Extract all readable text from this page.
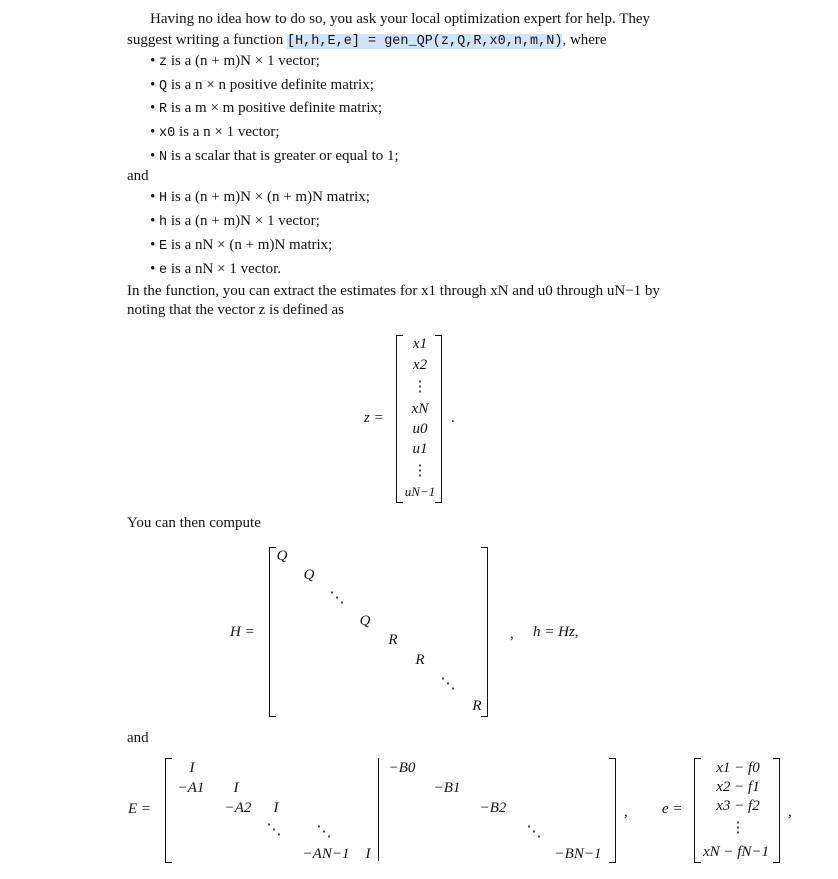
Having no idea how to do so, you ask your local optimization expert for help. They
suggest writing a function [H,h,E,e] = gen_QP(z,Q,R,x0,n,m,N), where
• z is a (n + m)N × 1 vector;
• Q is a n × n positive definite matrix;
• R is a m × m positive definite matrix;
• x0 is a n × 1 vector;
• N is a scalar that is greater or equal to 1;
and
• H is a (n + m)N × (n + m)N matrix;
• h is a (n + m)N × 1 vector;
• E is a nN × (n + m)N matrix;
• e is a nN × 1 vector.
In the function, you can extract the estimates for x1 through xN and u0 through uN−1 by
noting that the vector z is defined as
z =
x1
x2
⋮
xN
u0
u1
⋮
uN−1
.
You can then compute
H =
Q
Q
⋱
Q
R
R
⋱
R
, h = Hz,
and
E =
I
−A1 I
−A2 I
⋱ ⋱
−AN−1 I
−B0
−B1
−B2
⋱
−BN−1
, e =
x1 − f0
x2 − f1
x3 − f2
⋮
xN − fN−1
,
